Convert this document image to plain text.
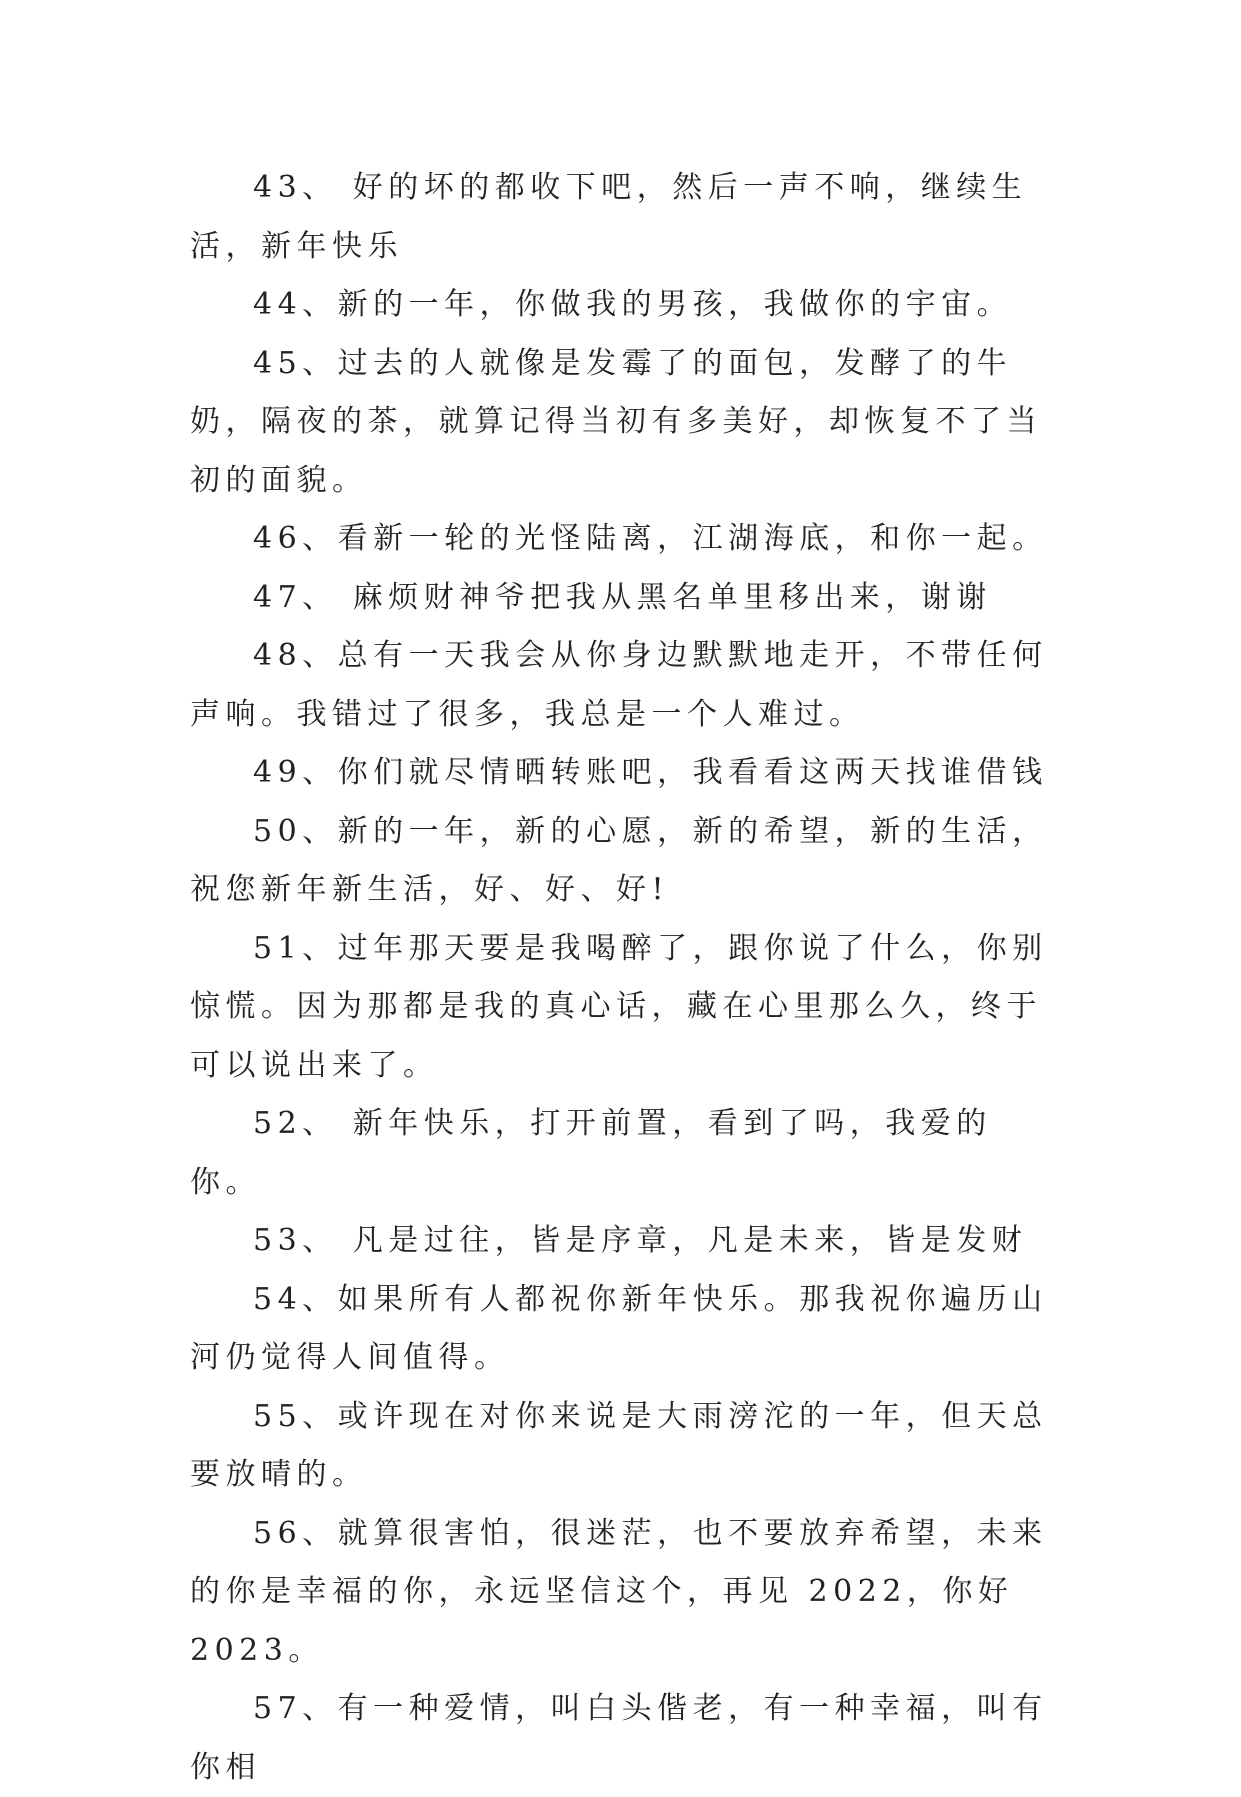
43、 好的坏的都收下吧，然后一声不响，继续生活，新年快乐

44、新的一年，你做我的男孩，我做你的宇宙。

45、过去的人就像是发霉了的面包，发酵了的牛奶，隔夜的茶，就算记得当初有多美好，却恢复不了当初的面貌。

46、看新一轮的光怪陆离，江湖海底，和你一起。

47、 麻烦财神爷把我从黑名单里移出来，谢谢

48、总有一天我会从你身边默默地走开，不带任何声响。我错过了很多，我总是一个人难过。

49、你们就尽情晒转账吧，我看看这两天找谁借钱

50、新的一年，新的心愿，新的希望，新的生活，祝您新年新生活，好、好、好!

51、过年那天要是我喝醉了，跟你说了什么，你别惊慌。因为那都是我的真心话，藏在心里那么久，终于可以说出来了。

52、 新年快乐，打开前置，看到了吗，我爱的你。

53、 凡是过往，皆是序章，凡是未来，皆是发财

54、如果所有人都祝你新年快乐。那我祝你遍历山河仍觉得人间值得。

55、或许现在对你来说是大雨滂沱的一年，但天总要放晴的。

56、就算很害怕，很迷茫，也不要放弃希望，未来的你是幸福的你，永远坚信这个，再见 2022，你好 2023。

57、有一种爱情，叫白头偕老，有一种幸福，叫有你相
